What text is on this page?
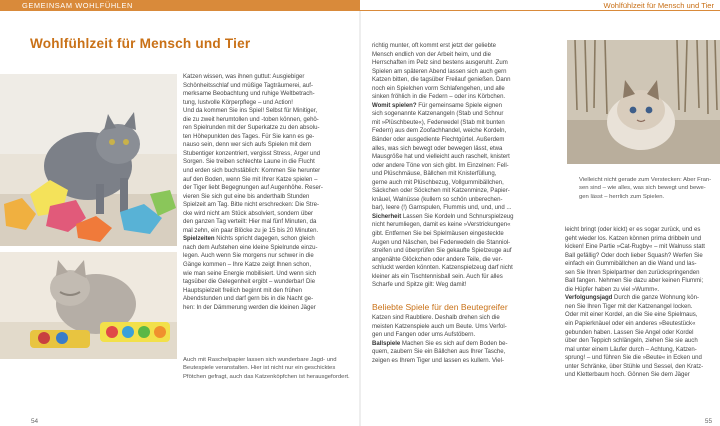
GEMEINSAM WOHLFÜHLEN	Wohlfühlzeit für Mensch und Tier
Wohlfühlzeit für Mensch und Tier
Auch mit Raschelpapier lassen sich wunderbare Jagd- und Beutespiele veranstalten. Hier ist nicht nur ein geschicktes Pfötchen gefragt, auch das Katzenköpfchen ist herausgefordert.
Katzen wissen, was ihnen guttut: Ausgiebiger
Schönheitsschlaf und müßige Tagträumerei, auf-
merksame Beobachtung und ruhige Weltbetrach-
tung, lustvolle Körperpflege – und Action!
Und da kommen Sie ins Spiel! Selbst für Minitiger,
die zu zweit herumtollen und -toben können, gehö-
ren Spielrunden mit der Superkatze zu den absolu-
ten Höhepunkten des Tages. Für Sie kann es ge-
nauso sein, denn wer sich aufs Spielen mit dem
Stubentiger konzentriert, vergisst Stress, Ärger und
Sorgen. Sie treiben schlechte Laune in die Flucht
und erden sich buchstäblich: Kommen Sie herunter
auf den Boden, wenn Sie mit Ihrer Katze spielen –
der Tiger liebt Begegnungen auf Augenhöhe. Reser-
vieren Sie sich gut eine bis anderthalb Stunden
Spielzeit am Tag. Bitte nicht erschrecken: Die Stre-
cke wird nicht am Stück absolviert, sondern über
den ganzen Tag verteilt: Hier mal fünf Minuten, da
mal zehn, ein paar Blöcke zu je 15 bis 20 Minuten.
Spielzeiten Nichts spricht dagegen, schon gleich
nach dem Aufstehen eine kleine Spielrunde einzu-
legen. Auch wenn Sie morgens nur schwer in die
Gänge kommen – Ihre Katze zeigt Ihnen schon,
wie man seine Energie mobilisiert. Und wenn sich
tagsüber die Gelegenheit ergibt – wunderbar! Die
Hauptspielzeit freilich beginnt mit den frühen
Abendstunden und darf gern bis in die Nacht ge-
hen: In der Dämmerung werden die kleinen Jäger
richtig munter, oft kommt erst jetzt der geliebte
Mensch endlich von der Arbeit heim, und die
Herrschaften im Pelz sind bestens ausgeruht. Zum
Spielen am späteren Abend lassen sich auch gern
Katzen bitten, die tagsüber Freilauf genießen. Dann
noch ein Spielchen vorm Schlafengehen, und alle
sinken fröhlich in die Federn – oder ins Körbchen.
Womit spielen? Für gemeinsame Spiele eignen
sich sogenannte Katzenangeln (Stab und Schnur
mit »Plüschbeute«), Federwedel (Stab mit bunten
Federn) aus dem Zoofachhandel, weiche Kordeln,
Bänder oder ausgediente Flechtgürtel. Außerdem
alles, was sich bewegt oder bewegen lässt, etwa
Mausgröße hat und vielleicht auch raschelt, knistert
oder andere Töne von sich gibt. Im Einzelnen: Fell-
und Plüschmäuse, Bällchen mit Knisterfüllung,
gerne auch mit Plüschbezug, Vollgummibällchen,
Säckchen oder Söckchen mit Katzenminze, Papier-
knäuel, Walnüsse (kullern so schön unberechen-
bar), leere (!) Garnspulen, Flummis und, und, und ...
Sicherheit Lassen Sie Kordeln und Schnurspielzeug
nicht herumliegen, damit es keine »Verstrickungen«
gibt. Entfernen Sie bei Spielmäusen eingesteckte
Augen und Näschen, bei Federwedeln die Stanniol-
streifen und überprüfen Sie gekaufte Spielzeuge auf
angenähte Glöckchen oder andere Teile, die ver-
schluckt werden könnten. Katzenspielzeug darf nicht
kleiner als ein Tischtennisball sein. Auch für alles
Scharfe und Spitze gilt: Weg damit!
Beliebte Spiele für den Beutegreifer
Katzen sind Raubtiere. Deshalb drehen sich die
meisten Katzenspiele auch um Beute. Ums Verfol-
gen und Fangen oder ums Aufstöbern.
Ballspiele Machen Sie es sich auf dem Boden be-
quem, zaubern Sie ein Bällchen aus Ihrer Tasche,
zeigen es Ihrem Tiger und lassen es kullern. Viel-
Vielleicht nicht gerade zum Verstecken: Aber Fran- sen sind – wie alles, was sich bewegt und bewe- gen lässt – herrlich zum Spielen.
leicht bringt (oder kickt) er es sogar zurück, und es
geht wieder los. Katzen können prima dribbeln und
kicken! Eine Partie »Cat-Rugby« – mit Walnuss statt
Ball gefällig? Oder doch lieber Squash? Werfen Sie
einfach ein Gummibällchen an die Wand und las-
sen Sie Ihren Spielpartner den zurückspringenden
Ball fangen. Nehmen Sie dazu aber keinen Flummi;
die Hüpfer haben zu viel »Wumm«.
Verfolgungsjagd Durch die ganze Wohnung kön-
nen Sie Ihren Tiger mit der Katzenangel locken.
Oder mit einer Kordel, an die Sie eine Spielmaus,
ein Papierknäuel oder ein anderes »Beutestück«
gebunden haben. Lassen Sie Angel oder Kordel
über den Teppich schlängeln, ziehen Sie sie auch
mal unter einem Läufer durch – Achtung, Katzen-
sprung! – und führen Sie die »Beute« in Ecken und
unter Schränke, über Stühle und Sessel, den Kratz-
und Kletterbaum hoch. Gönnen Sie dem Jäger
54	55
